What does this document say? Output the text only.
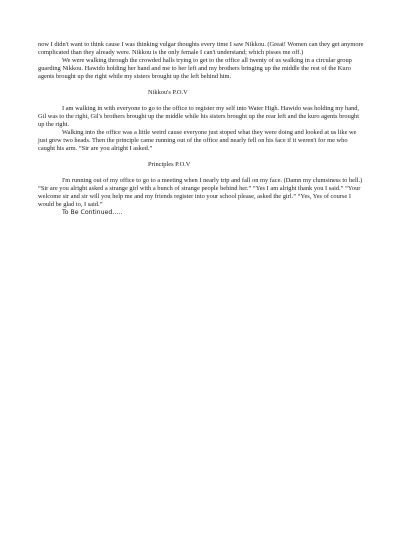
now I didn't want to think cause I was thinking vulgar thoughts every time I saw Nikkou. (Great! Women can they get anymore complicated than they already were. Nikkou is the only female I can't understand; which pisses me off.)

We were walking through the crowded halls trying to get to the office all twenty of us walking in a circular group guarding Nikkou. Hawido holding her hand and me to her left and my brothers bringing up the middle the rest of the Kuro agents brought up the right while my sisters brought up the left behind him.

Nikkou's P.O.V

I am walking in with everyone to go to the office to register my self into Water High. Hawido was holding my hand, Gil was to the right, Gil's brothers brought up the middle while his sisters brought up the rear left and the kuro agents brought up the right.

Walking into the office was a little weird cause everyone just stoped what they were doing and looked at us like we just grew two heads. Then the principle came running out of the office and nearly fell on his face if it weren't for me who caught his arm. “Sir are you alright I asked.”

Principles P.O.V

I'm running out of my office to go to a meeting when I nearly trip and fall on my face. (Damn my clumsiness to hell.) “Sir are you alright asked a strange girl with a bunch of strange people behind her.” “Yes I am alright thank you I said.” “Your welcome sir and sir will you help me and my friends register into your school please, asked the girl.” “Yes, Yes of course I would be glad to, I said.”

To Be Continued…..
